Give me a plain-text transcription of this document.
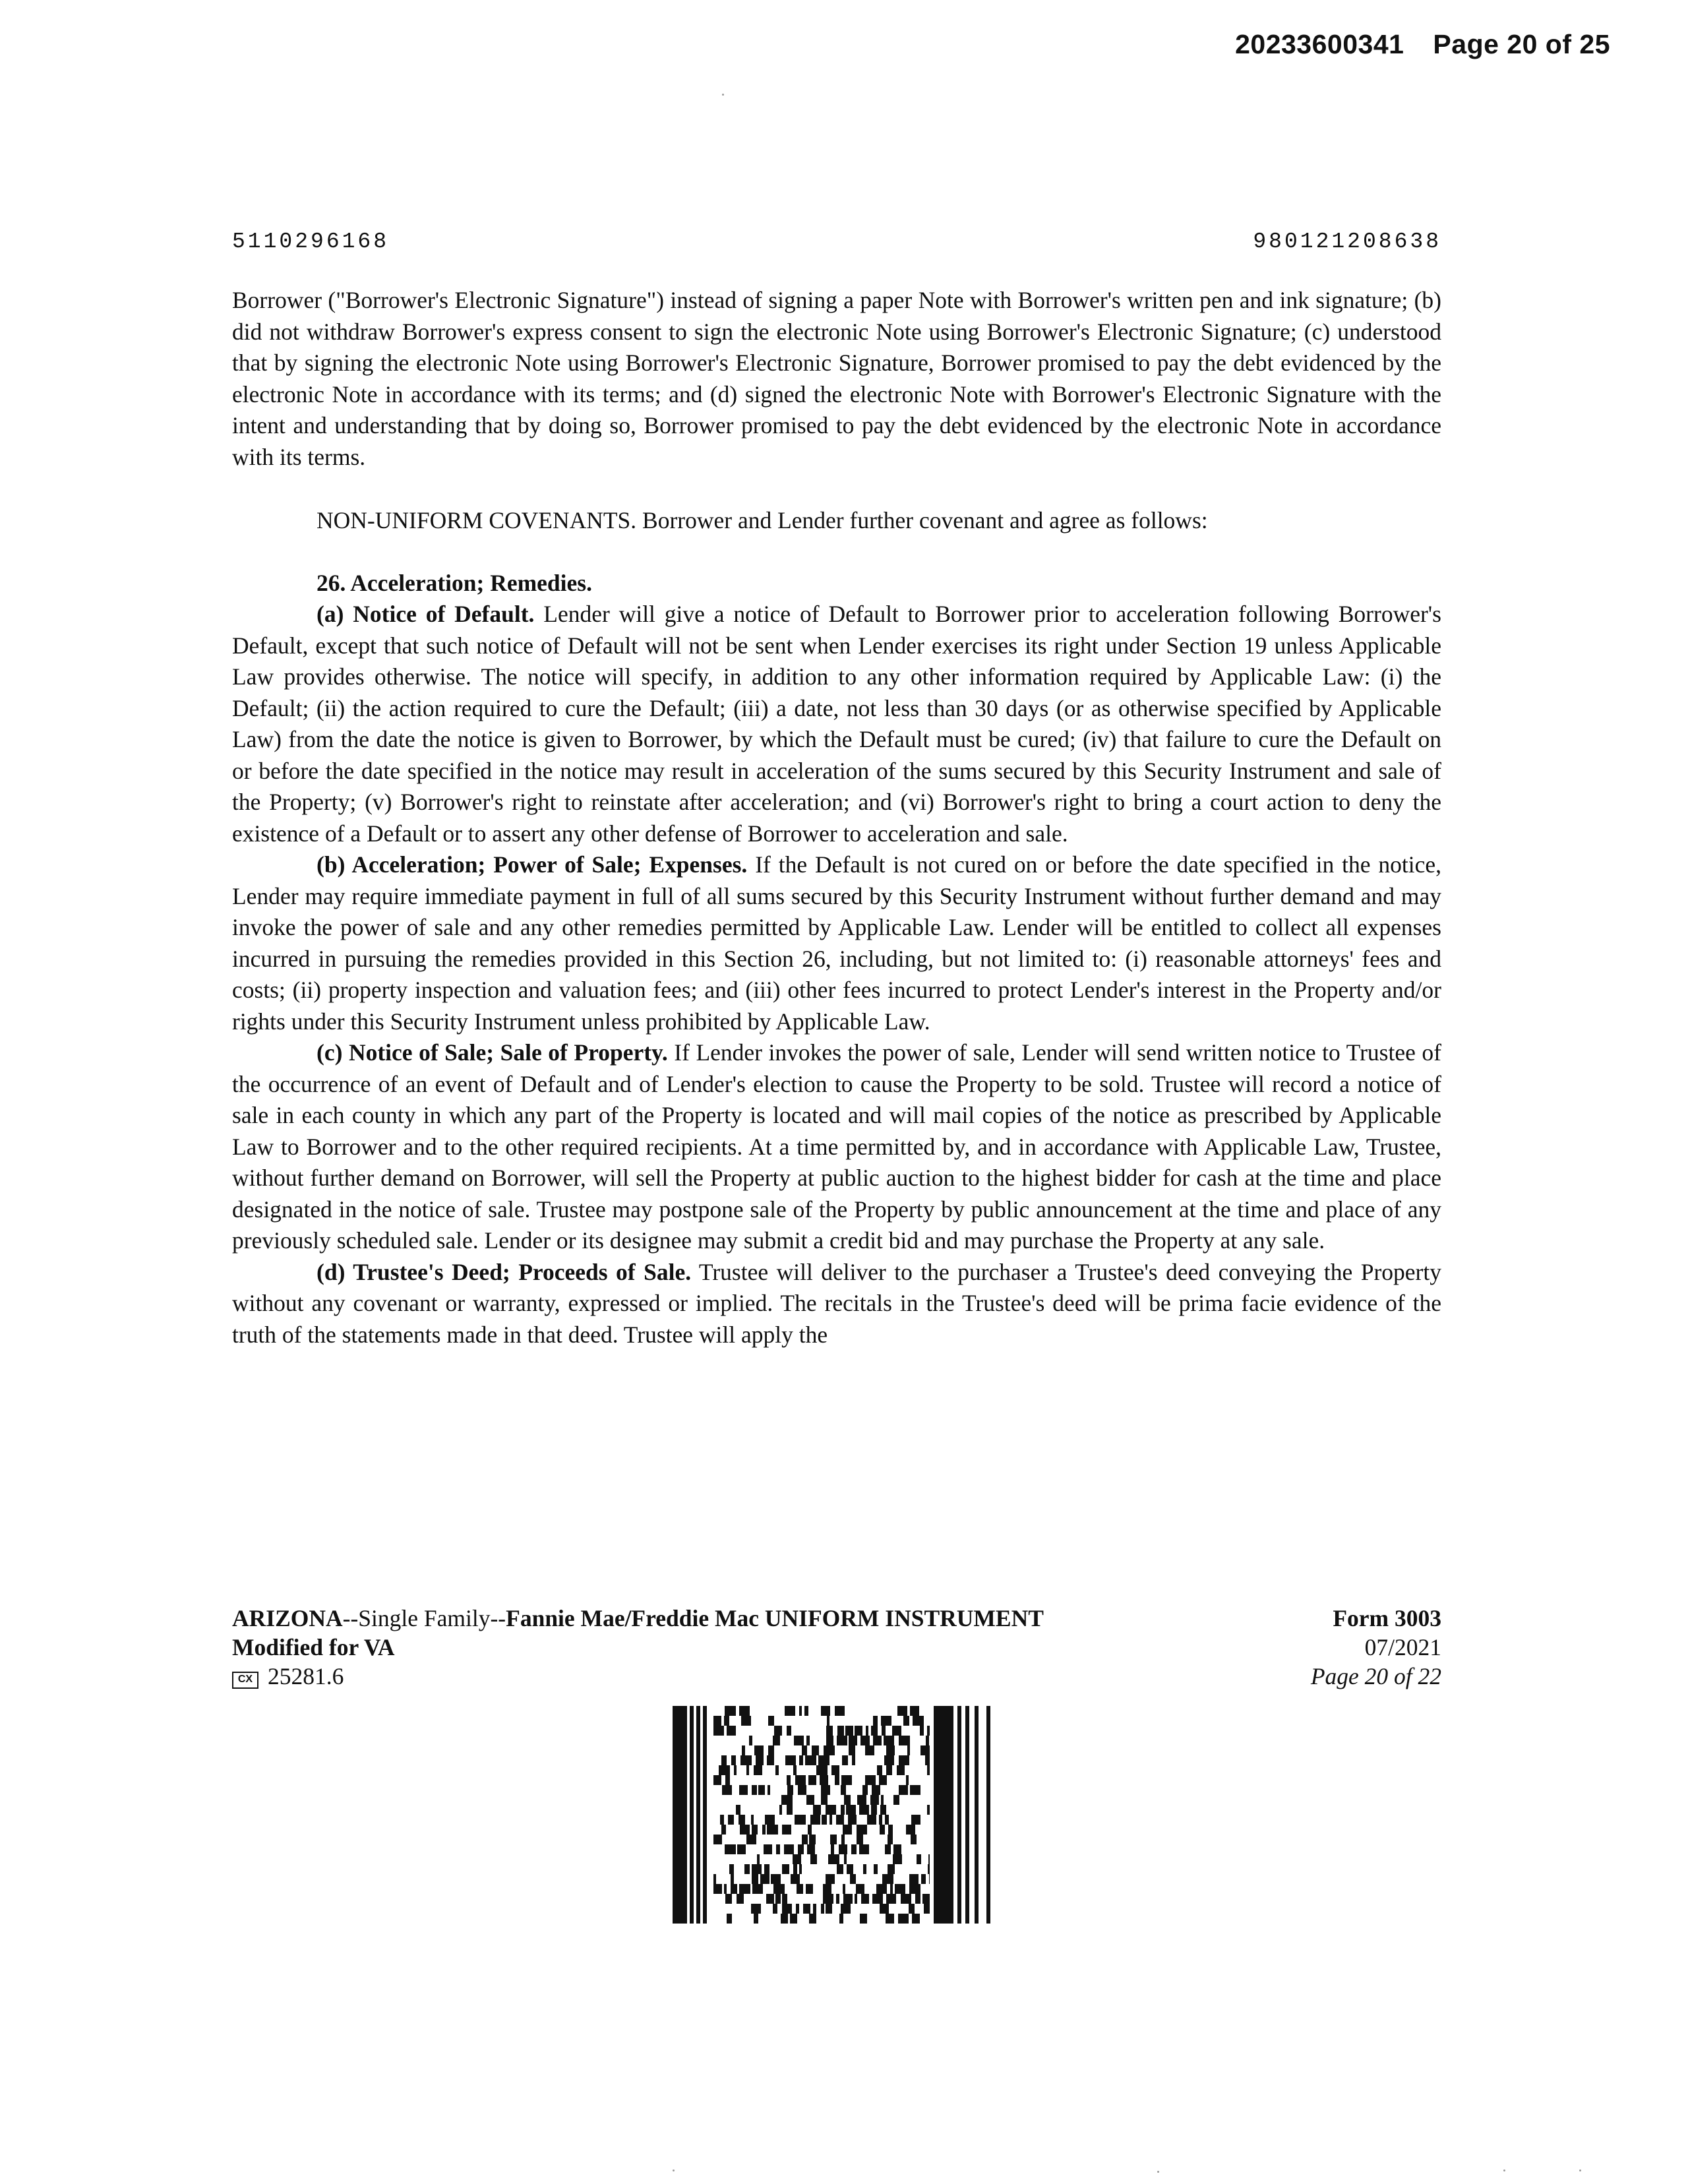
20233600341 Page 20 of 25
5110296168	980121208638

Borrower ("Borrower's Electronic Signature") instead of signing a paper Note with Borrower's written pen and ink signature; (b) did not withdraw Borrower's express consent to sign the electronic Note using Borrower's Electronic Signature; (c) understood that by signing the electronic Note using Borrower's Electronic Signature, Borrower promised to pay the debt evidenced by the electronic Note in accordance with its terms; and (d) signed the electronic Note with Borrower's Electronic Signature with the intent and understanding that by doing so, Borrower promised to pay the debt evidenced by the electronic Note in accordance with its terms.

NON-UNIFORM COVENANTS. Borrower and Lender further covenant and agree as follows:

26. Acceleration; Remedies.

(a) Notice of Default. Lender will give a notice of Default to Borrower prior to acceleration following Borrower's Default, except that such notice of Default will not be sent when Lender exercises its right under Section 19 unless Applicable Law provides otherwise. The notice will specify, in addition to any other information required by Applicable Law: (i) the Default; (ii) the action required to cure the Default; (iii) a date, not less than 30 days (or as otherwise specified by Applicable Law) from the date the notice is given to Borrower, by which the Default must be cured; (iv) that failure to cure the Default on or before the date specified in the notice may result in acceleration of the sums secured by this Security Instrument and sale of the Property; (v) Borrower's right to reinstate after acceleration; and (vi) Borrower's right to bring a court action to deny the existence of a Default or to assert any other defense of Borrower to acceleration and sale.

(b) Acceleration; Power of Sale; Expenses. If the Default is not cured on or before the date specified in the notice, Lender may require immediate payment in full of all sums secured by this Security Instrument without further demand and may invoke the power of sale and any other remedies permitted by Applicable Law. Lender will be entitled to collect all expenses incurred in pursuing the remedies provided in this Section 26, including, but not limited to: (i) reasonable attorneys' fees and costs; (ii) property inspection and valuation fees; and (iii) other fees incurred to protect Lender's interest in the Property and/or rights under this Security Instrument unless prohibited by Applicable Law.

(c) Notice of Sale; Sale of Property. If Lender invokes the power of sale, Lender will send written notice to Trustee of the occurrence of an event of Default and of Lender's election to cause the Property to be sold. Trustee will record a notice of sale in each county in which any part of the Property is located and will mail copies of the notice as prescribed by Applicable Law to Borrower and to the other required recipients. At a time permitted by, and in accordance with Applicable Law, Trustee, without further demand on Borrower, will sell the Property at public auction to the highest bidder for cash at the time and place designated in the notice of sale. Trustee may postpone sale of the Property by public announcement at the time and place of any previously scheduled sale. Lender or its designee may submit a credit bid and may purchase the Property at any sale.

(d) Trustee's Deed; Proceeds of Sale. Trustee will deliver to the purchaser a Trustee's deed conveying the Property without any covenant or warranty, expressed or implied. The recitals in the Trustee's deed will be prima facie evidence of the truth of the statements made in that deed. Trustee will apply the

ARIZONA--Single Family--Fannie Mae/Freddie Mac UNIFORM INSTRUMENT
Modified for VA
CX 25281.6
Form 3003
07/2021
Page 20 of 22
